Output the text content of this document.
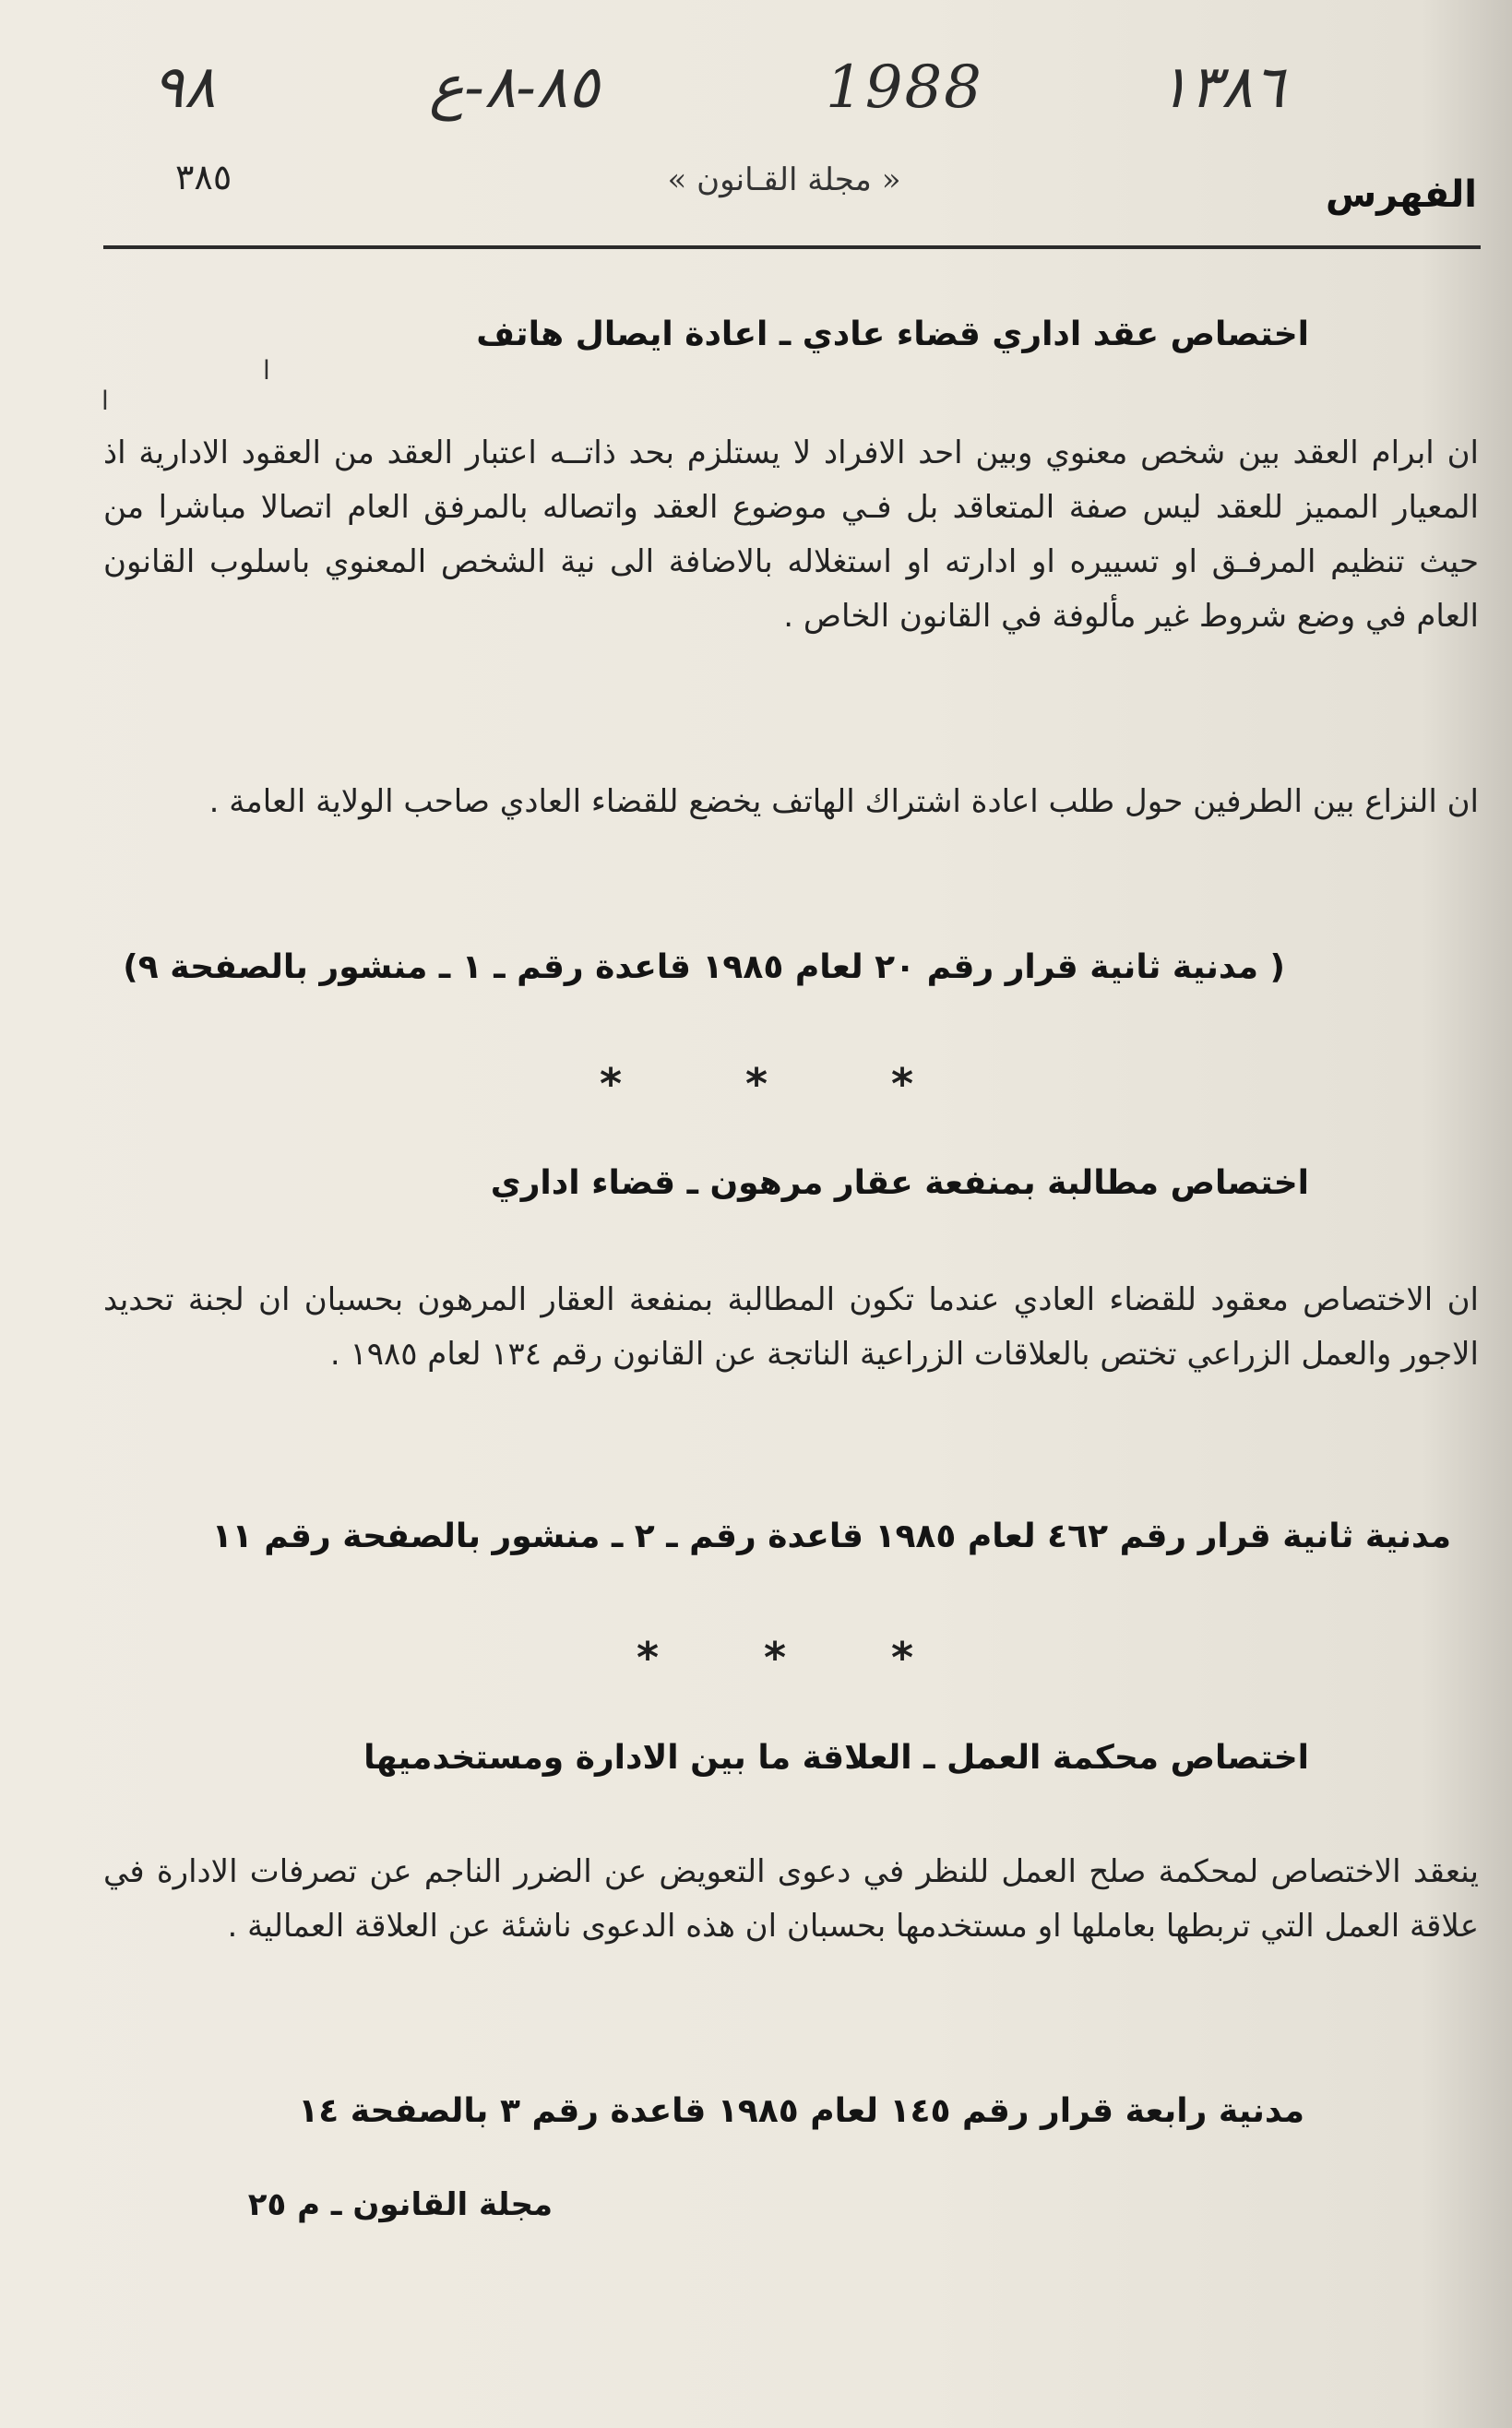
٩٨	٨٥-٨-ع	1988	١٣٨٦
٣٨٥	« مجلة القـانون »	الفهرس
ا
ا
اختصاص عقد اداري قضاء عادي ـ اعادة ايصال هاتف
ان ابرام العقد بين شخص معنوي وبين احد الافراد لا يستلزم بحد ذاتــه اعتبار العقد من العقود الادارية اذ المعيار المميز للعقد ليس صفة المتعاقد بل فـي موضوع العقد واتصاله بالمرفق العام اتصالا مباشرا من حيث تنظيم المرفـق او تسييره او ادارته او استغلاله بالاضافة الى نية الشخص المعنوي باسلوب القانون العام في وضع شروط غير مألوفة في القانون الخاص .
ان النزاع بين الطرفين حول طلب اعادة اشتراك الهاتف يخضع للقضاء العادي صاحب الولاية العامة .
( مدنية ثانية قرار رقم ٢٠ لعام ١٩٨٥ قاعدة رقم ـ ١ ـ منشور بالصفحة ٩)
*
*
*
اختصاص مطالبة بمنفعة عقار مرهون ـ قضاء اداري
ان الاختصاص معقود للقضاء العادي عندما تكون المطالبة بمنفعة العقار المرهون بحسبان ان لجنة تحديد الاجور والعمل الزراعي تختص بالعلاقات الزراعية الناتجة عن القانون رقم ١٣٤ لعام ١٩٨٥ .
مدنية ثانية قرار رقم ٤٦٢ لعام ١٩٨٥ قاعدة رقم ـ ٢ ـ منشور بالصفحة رقم ١١
*
*
*
اختصاص محكمة العمل ـ العلاقة ما بين الادارة ومستخدميها
ينعقد الاختصاص لمحكمة صلح العمل للنظر في دعوى التعويض عن الضرر الناجم عن تصرفات الادارة في علاقة العمل التي تربطها بعاملها او مستخدمها بحسبان ان هذه الدعوى ناشئة عن العلاقة العمالية .
مدنية رابعة قرار رقم ١٤٥ لعام ١٩٨٥ قاعدة رقم ٣ بالصفحة ١٤
مجلة القانون ـ م ٢٥
